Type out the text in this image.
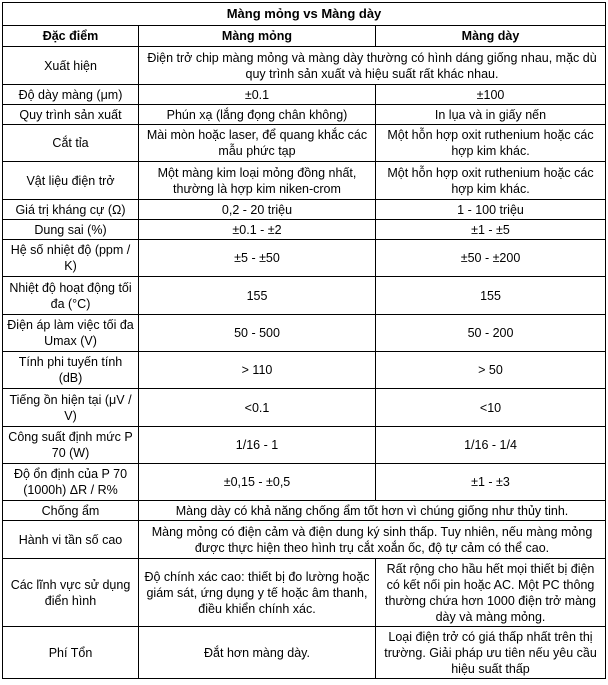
Màng mỏng vs Màng dày		
Đặc điểm	Màng mỏng	Màng dày
Xuất hiện	Điện trở chip màng mỏng và màng dày thường có hình dáng giống nhau, mặc dù quy trình sản xuất và hiệu suất rất khác nhau.	
Độ dày màng (μm)	±0.1	±100
Quy trình sản xuất	Phún xạ (lắng đọng chân không)	In lụa và in giấy nến
Cắt tỉa	Mài mòn hoặc laser, để quang khắc các mẫu phức tạp	Một hỗn hợp oxit ruthenium hoặc các hợp kim khác.
Vật liệu điện trở	Một màng kim loại mỏng đồng nhất, thường là hợp kim niken-crom	Một hỗn hợp oxit ruthenium hoặc các hợp kim khác.
Giá trị kháng cự (Ω)	0,2 - 20 triệu	1 - 100 triệu
Dung sai (%)	±0.1 - ±2	±1 - ±5
Hệ số nhiệt độ (ppm / K)	±5 - ±50	±50 - ±200
Nhiệt độ hoạt động tối đa (°C)	155	155
Điện áp làm việc tối đa Umax (V)	50 - 500	50 - 200
Tính phi tuyến tính (dB)	> 110	> 50
Tiếng ồn hiện tại (μV / V)	<0.1	<10
Công suất định mức P 70 (W)	1/16 - 1	1/16 - 1/4
Độ ổn định của P 70 (1000h) ΔR / R%	±0,15 - ±0,5	±1 - ±3
Chống ẩm	Màng dày có khả năng chống ẩm tốt hơn vì chúng giống như thủy tinh.	
Hành vi tần số cao	Màng mỏng có điện cảm và điện dung ký sinh thấp. Tuy nhiên, nếu màng mỏng được thực hiện theo hình trụ cắt xoắn ốc, độ tự cảm có thể cao.	
Các lĩnh vực sử dụng điển hình	Độ chính xác cao: thiết bị đo lường hoặc giám sát, ứng dụng y tế hoặc âm thanh, điều khiển chính xác.	Rất rộng cho hầu hết mọi thiết bị điện có kết nối pin hoặc AC. Một PC thông thường chứa hơn 1000 điện trở màng dày và màng mỏng.
Phí Tổn	Đắt hơn màng dày.	Loại điện trở có giá thấp nhất trên thị trường. Giải pháp ưu tiên nếu yêu cầu hiệu suất thấp
